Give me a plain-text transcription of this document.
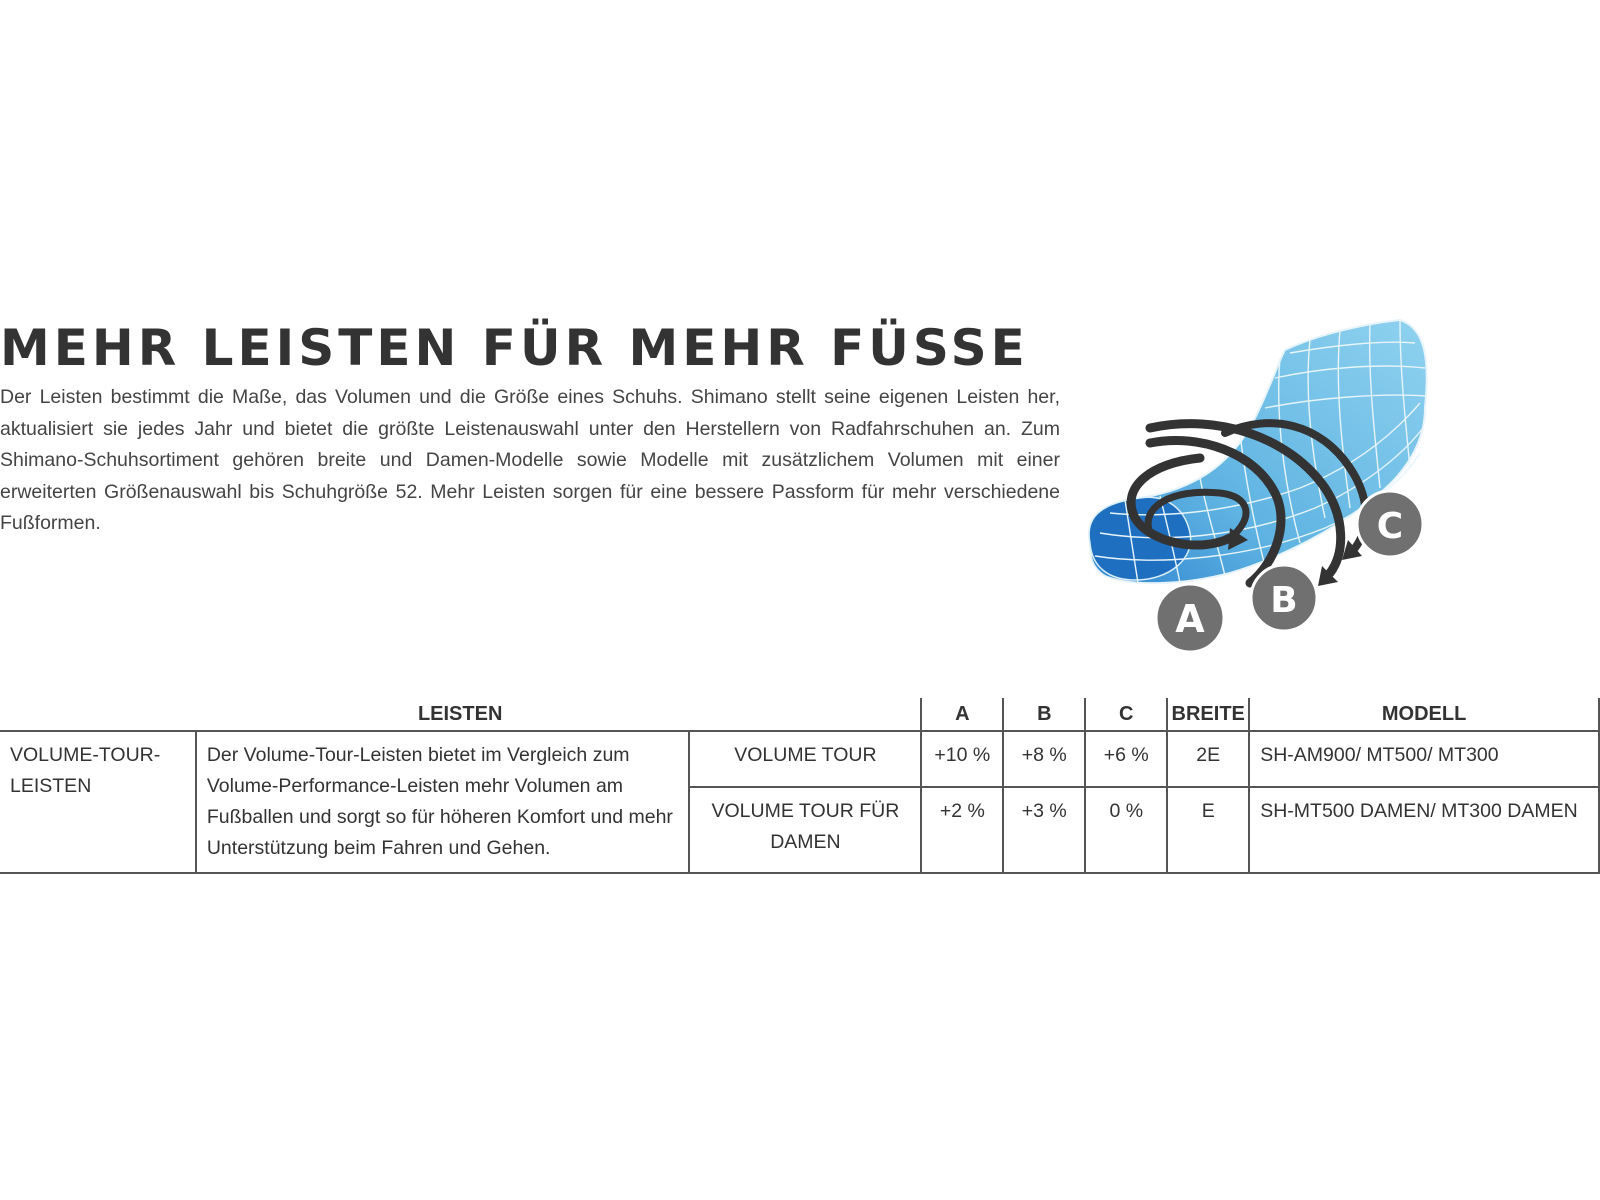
MEHR LEISTEN FÜR MEHR FÜSSE

Der Leisten bestimmt die Maße, das Volumen und die Größe eines Schuhs. Shimano stellt seine eigenen Leisten her, aktualisiert sie jedes Jahr und bietet die größte Leistenauswahl unter den Herstellern von Radfahrschuhen an. Zum Shimano-Schuhsortiment gehören breite und Damen-Modelle sowie Modelle mit zusätzlichem Volumen mit einer erweiterten Größenauswahl bis Schuhgröße 52. Mehr Leisten sorgen für eine bessere Passform für mehr verschiedene Fußformen.

A B
C
LEISTEN			A	B	C	BREITE	MODELL
VOLUME-TOUR-LEISTEN	Der Volume-Tour-Leisten bietet im Vergleich zum Volume-Performance-Leisten mehr Volumen am Fußballen und sorgt so für höheren Komfort und mehr Unterstützung beim Fahren und Gehen.	VOLUME TOUR	+10 %	+8 %	+6 %	2E	SH-AM900/ MT500/ MT300
		VOLUME TOUR FÜR DAMEN	+2 %	+3 %	0 %	E	SH-MT500 DAMEN/ MT300 DAMEN
